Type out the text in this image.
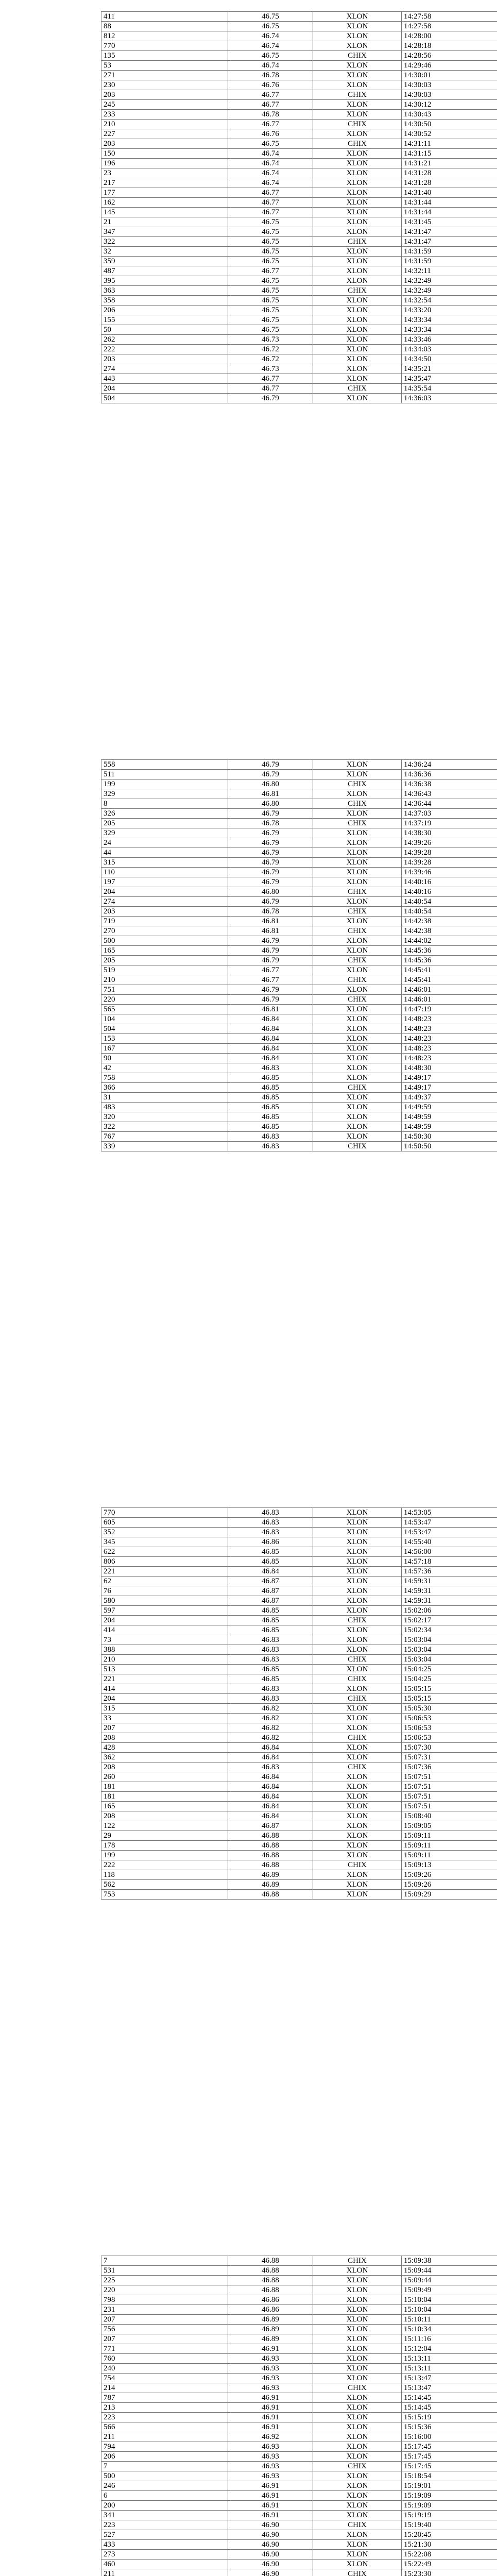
411	46.75	XLON	14:27:58
88	46.75	XLON	14:27:58
812	46.74	XLON	14:28:00
770	46.74	XLON	14:28:18
135	46.75	CHIX	14:28:56
53	46.74	XLON	14:29:46
271	46.78	XLON	14:30:01
230	46.76	XLON	14:30:03
203	46.77	CHIX	14:30:03
245	46.77	XLON	14:30:12
233	46.78	XLON	14:30:43
210	46.77	CHIX	14:30:50
227	46.76	XLON	14:30:52
203	46.75	CHIX	14:31:11
150	46.74	XLON	14:31:15
196	46.74	XLON	14:31:21
23	46.74	XLON	14:31:28
217	46.74	XLON	14:31:28
177	46.77	XLON	14:31:40
162	46.77	XLON	14:31:44
145	46.77	XLON	14:31:44
21	46.75	XLON	14:31:45
347	46.75	XLON	14:31:47
322	46.75	CHIX	14:31:47
32	46.75	XLON	14:31:59
359	46.75	XLON	14:31:59
487	46.77	XLON	14:32:11
395	46.75	XLON	14:32:49
363	46.75	CHIX	14:32:49
358	46.75	XLON	14:32:54
206	46.75	XLON	14:33:20
155	46.75	XLON	14:33:34
50	46.75	XLON	14:33:34
262	46.73	XLON	14:33:46
222	46.72	XLON	14:34:03
203	46.72	XLON	14:34:50
274	46.73	XLON	14:35:21
443	46.77	XLON	14:35:47
204	46.77	CHIX	14:35:54
504	46.79	XLON	14:36:03
558	46.79	XLON	14:36:24
511	46.79	XLON	14:36:36
199	46.80	CHIX	14:36:38
329	46.81	XLON	14:36:43
8	46.80	CHIX	14:36:44
326	46.79	XLON	14:37:03
205	46.78	CHIX	14:37:19
329	46.79	XLON	14:38:30
24	46.79	XLON	14:39:26
44	46.79	XLON	14:39:28
315	46.79	XLON	14:39:28
110	46.79	XLON	14:39:46
197	46.79	XLON	14:40:16
204	46.80	CHIX	14:40:16
274	46.79	XLON	14:40:54
203	46.78	CHIX	14:40:54
719	46.81	XLON	14:42:38
270	46.81	CHIX	14:42:38
500	46.79	XLON	14:44:02
165	46.79	XLON	14:45:36
205	46.79	CHIX	14:45:36
519	46.77	XLON	14:45:41
210	46.77	CHIX	14:45:41
751	46.79	XLON	14:46:01
220	46.79	CHIX	14:46:01
565	46.81	XLON	14:47:19
104	46.84	XLON	14:48:23
504	46.84	XLON	14:48:23
153	46.84	XLON	14:48:23
167	46.84	XLON	14:48:23
90	46.84	XLON	14:48:23
42	46.83	XLON	14:48:30
758	46.85	XLON	14:49:17
366	46.85	CHIX	14:49:17
31	46.85	XLON	14:49:37
483	46.85	XLON	14:49:59
320	46.85	XLON	14:49:59
322	46.85	XLON	14:49:59
767	46.83	XLON	14:50:30
339	46.83	CHIX	14:50:50
770	46.83	XLON	14:53:05
605	46.83	XLON	14:53:47
352	46.83	XLON	14:53:47
345	46.86	XLON	14:55:40
622	46.85	XLON	14:56:00
806	46.85	XLON	14:57:18
221	46.84	XLON	14:57:36
62	46.87	XLON	14:59:31
76	46.87	XLON	14:59:31
580	46.87	XLON	14:59:31
597	46.85	XLON	15:02:06
204	46.85	CHIX	15:02:17
414	46.85	XLON	15:02:34
73	46.83	XLON	15:03:04
388	46.83	XLON	15:03:04
210	46.83	CHIX	15:03:04
513	46.85	XLON	15:04:25
221	46.85	CHIX	15:04:25
414	46.83	XLON	15:05:15
204	46.83	CHIX	15:05:15
315	46.82	XLON	15:05:30
33	46.82	XLON	15:06:53
207	46.82	XLON	15:06:53
208	46.82	CHIX	15:06:53
428	46.84	XLON	15:07:30
362	46.84	XLON	15:07:31
208	46.83	CHIX	15:07:36
260	46.84	XLON	15:07:51
181	46.84	XLON	15:07:51
181	46.84	XLON	15:07:51
165	46.84	XLON	15:07:51
208	46.84	XLON	15:08:40
122	46.87	XLON	15:09:05
29	46.88	XLON	15:09:11
178	46.88	XLON	15:09:11
199	46.88	XLON	15:09:11
222	46.88	CHIX	15:09:13
118	46.89	XLON	15:09:26
562	46.89	XLON	15:09:26
753	46.88	XLON	15:09:29
7	46.88	CHIX	15:09:38
531	46.88	XLON	15:09:44
225	46.88	XLON	15:09:44
220	46.88	XLON	15:09:49
798	46.86	XLON	15:10:04
231	46.86	XLON	15:10:04
207	46.89	XLON	15:10:11
756	46.89	XLON	15:10:34
207	46.89	XLON	15:11:16
771	46.91	XLON	15:12:04
760	46.93	XLON	15:13:11
240	46.93	XLON	15:13:11
754	46.93	XLON	15:13:47
214	46.93	CHIX	15:13:47
787	46.91	XLON	15:14:45
213	46.91	XLON	15:14:45
223	46.91	XLON	15:15:19
566	46.91	XLON	15:15:36
211	46.92	XLON	15:16:00
794	46.93	XLON	15:17:45
206	46.93	XLON	15:17:45
7	46.93	CHIX	15:17:45
500	46.93	XLON	15:18:54
246	46.91	XLON	15:19:01
6	46.91	XLON	15:19:09
200	46.91	XLON	15:19:09
341	46.91	XLON	15:19:19
223	46.90	CHIX	15:19:40
527	46.90	XLON	15:20:45
433	46.90	XLON	15:21:30
273	46.90	XLON	15:22:08
460	46.90	XLON	15:22:49
211	46.90	CHIX	15:23:30
